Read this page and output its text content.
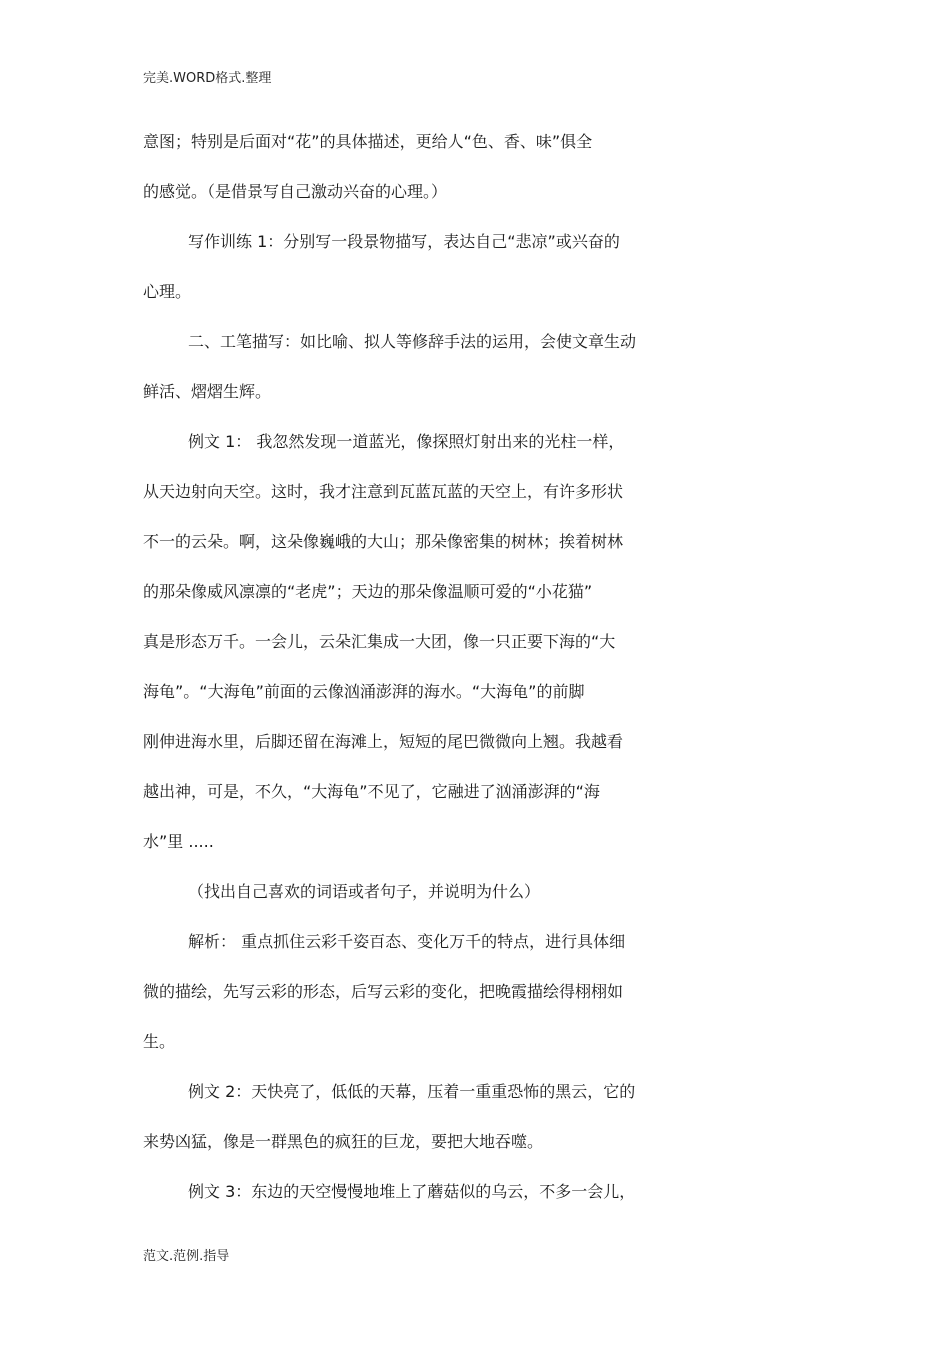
完美.WORD格式.整理
意图；特别是后面对“花”的具体描述，更给人“色、香、味”俱全
的感觉。（是借景写自己激动兴奋的心理。）
写作训练 1：分别写一段景物描写，表达自己“悲凉”或兴奋的
心理。
二、工笔描写：如比喻、拟人等修辞手法的运用，会使文章生动
鲜活、熠熠生辉。
例文 1： 我忽然发现一道蓝光，像探照灯射出来的光柱一样，
从天边射向天空。这时，我才注意到瓦蓝瓦蓝的天空上，有许多形状
不一的云朵。啊，这朵像巍峨的大山；那朵像密集的树林；挨着树林
的那朵像威风凛凛的“老虎”；天边的那朵像温顺可爱的“小花猫”
真是形态万千。一会儿，云朵汇集成一大团，像一只正要下海的“大
海龟”。“大海龟”前面的云像汹涌澎湃的海水。“大海龟”的前脚
刚伸进海水里，后脚还留在海滩上，短短的尾巴微微向上翘。我越看
越出神，可是，不久，“大海龟”不见了，它融进了汹涌澎湃的“海
水”里 .....
（找出自己喜欢的词语或者句子，并说明为什么）
解析： 重点抓住云彩千姿百态、变化万千的特点，进行具体细
微的描绘，先写云彩的形态，后写云彩的变化，把晚霞描绘得栩栩如
生。
例文 2：天快亮了，低低的天幕，压着一重重恐怖的黑云，它的
来势凶猛，像是一群黑色的疯狂的巨龙，要把大地吞噬。
例文 3：东边的天空慢慢地堆上了蘑菇似的乌云，不多一会儿，
范文.范例.指导
